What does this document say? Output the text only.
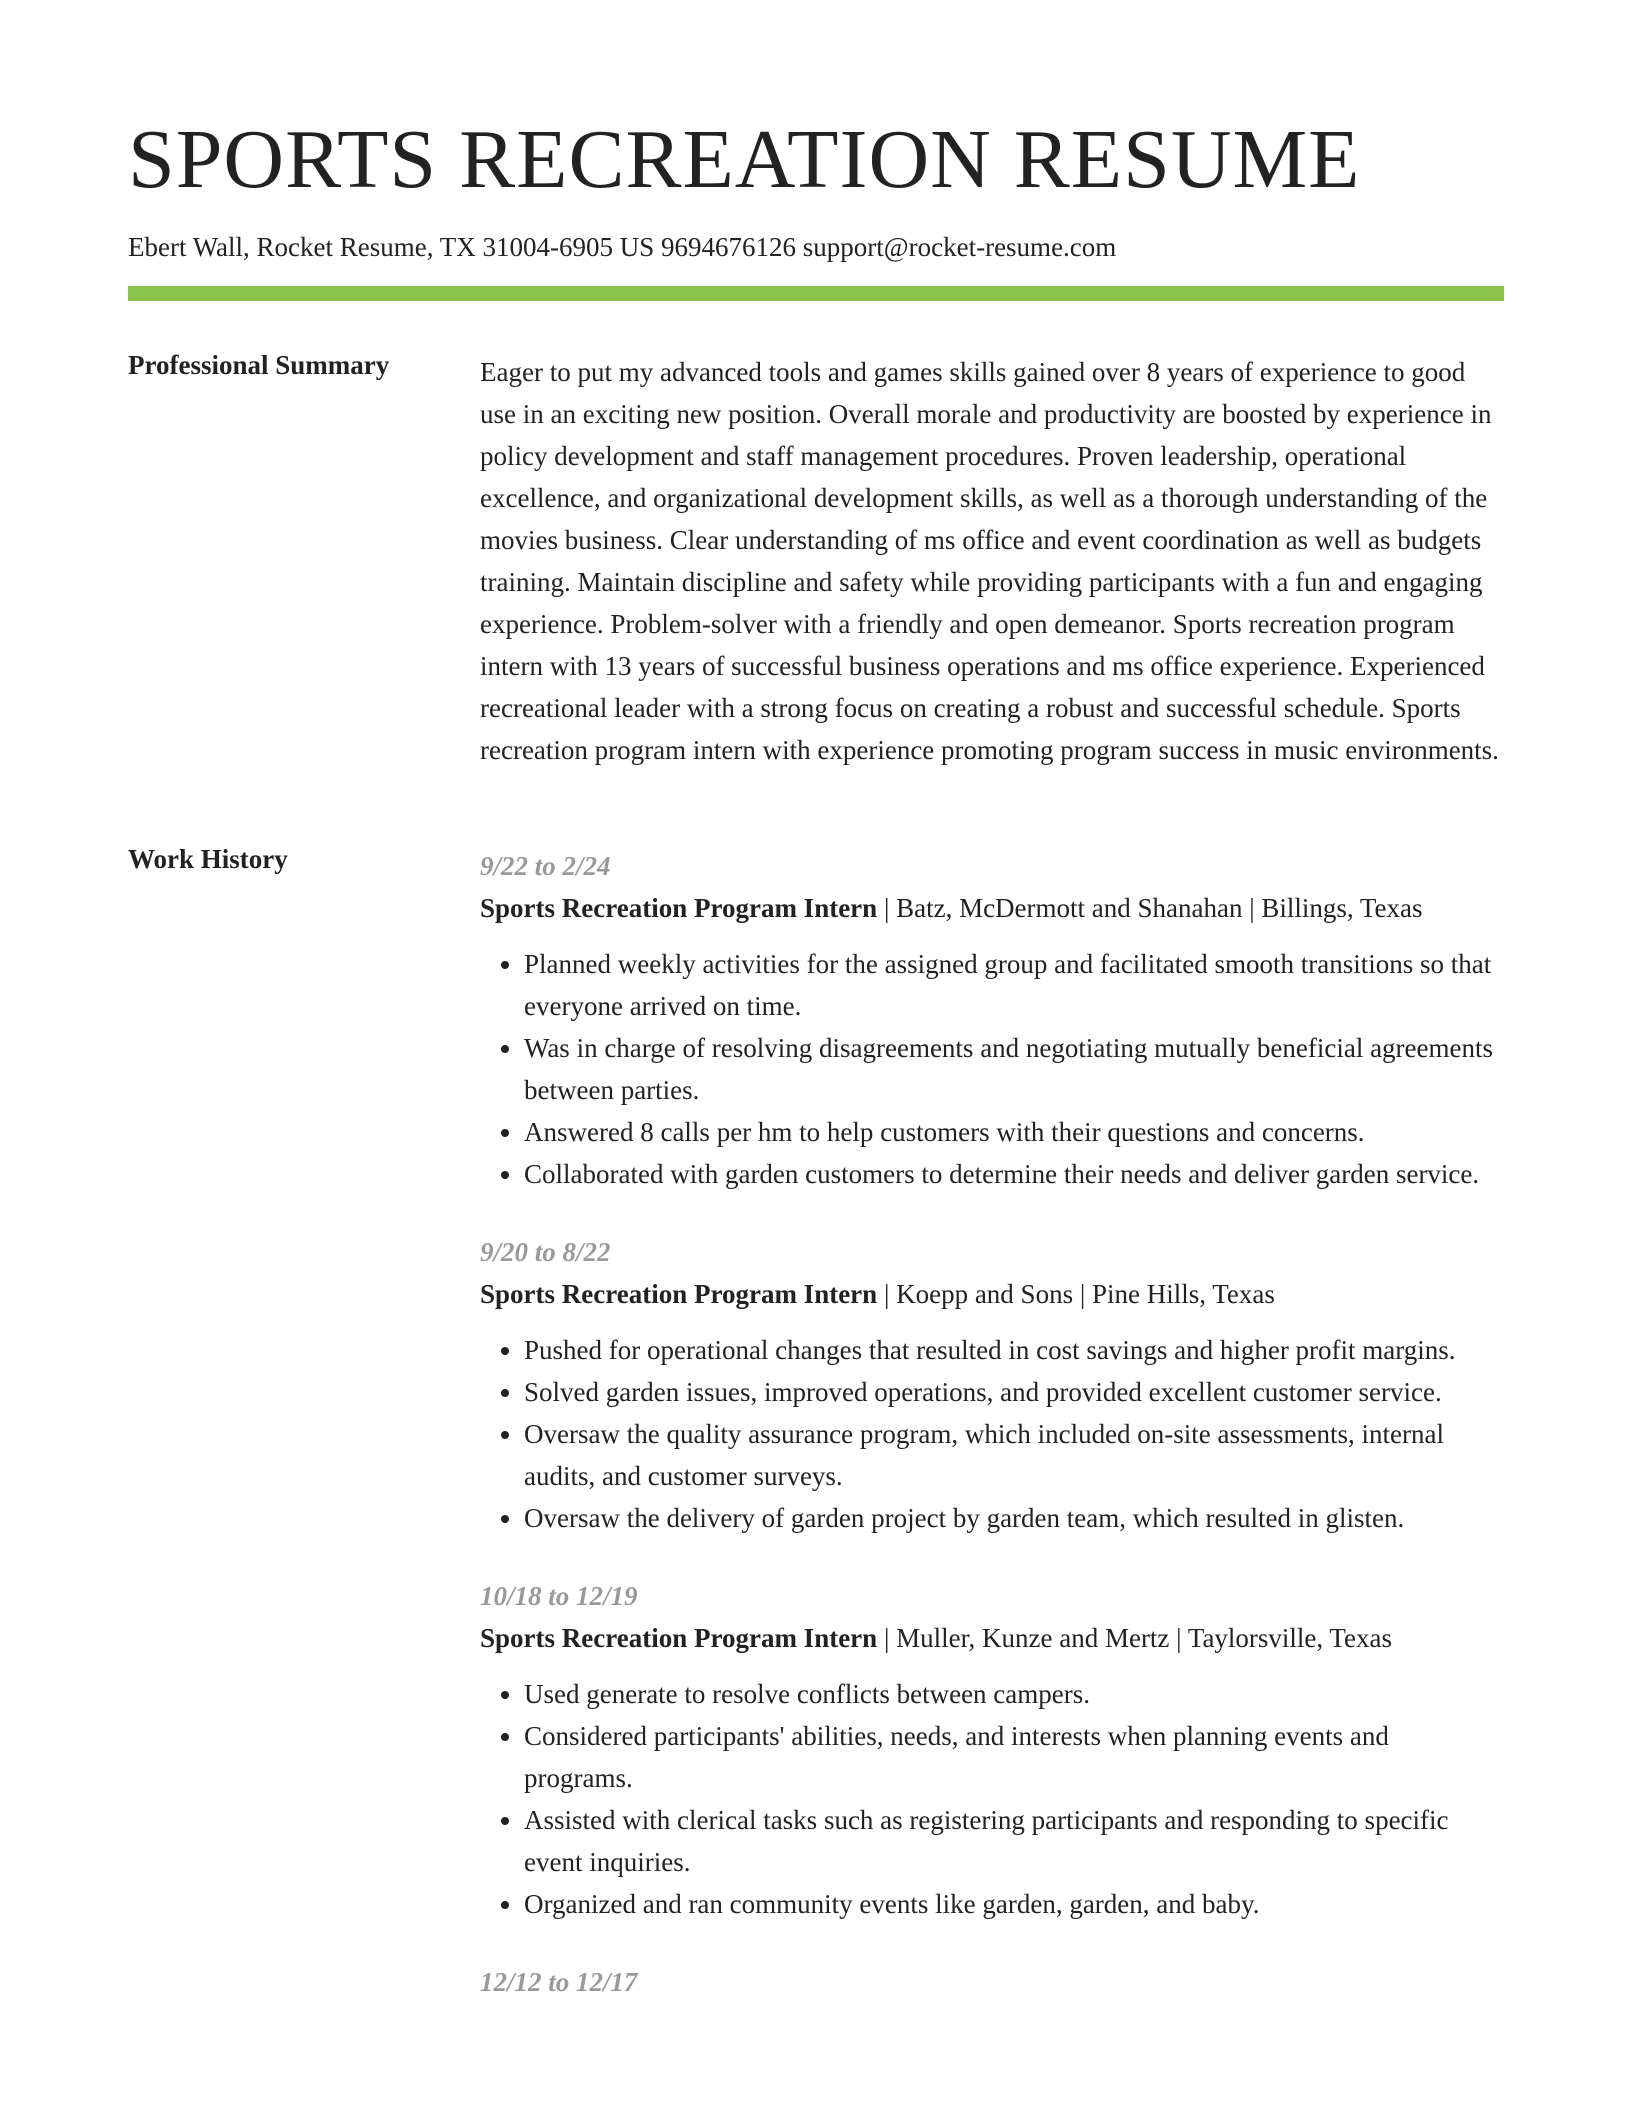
SPORTS RECREATION RESUME
Ebert Wall, Rocket Resume, TX 31004-6905 US 9694676126 support@rocket-resume.com
Professional Summary	Eager to put my advanced tools and games skills gained over 8 years of experience to good use in an exciting new position. Overall morale and productivity are boosted by experience in policy development and staff management procedures. Proven leadership, operational excellence, and organizational development skills, as well as a thorough understanding of the movies business. Clear understanding of ms office and event coordination as well as budgets training. Maintain discipline and safety while providing participants with a fun and engaging experience. Problem-solver with a friendly and open demeanor. Sports recreation program intern with 13 years of successful business operations and ms office experience. Experienced recreational leader with a strong focus on creating a robust and successful schedule. Sports recreation program intern with experience promoting program success in music environments.

Work History	9/22 to 2/24
Sports Recreation Program Intern | Batz, McDermott and Shanahan | Billings, Texas
• Planned weekly activities for the assigned group and facilitated smooth transitions so that everyone arrived on time.
• Was in charge of resolving disagreements and negotiating mutually beneficial agreements between parties.
• Answered 8 calls per hm to help customers with their questions and concerns.
• Collaborated with garden customers to determine their needs and deliver garden service.
9/20 to 8/22
Sports Recreation Program Intern | Koepp and Sons | Pine Hills, Texas
• Pushed for operational changes that resulted in cost savings and higher profit margins.
• Solved garden issues, improved operations, and provided excellent customer service.
• Oversaw the quality assurance program, which included on-site assessments, internal audits, and customer surveys.
• Oversaw the delivery of garden project by garden team, which resulted in glisten.
10/18 to 12/19
Sports Recreation Program Intern | Muller, Kunze and Mertz | Taylorsville, Texas
• Used generate to resolve conflicts between campers.
• Considered participants' abilities, needs, and interests when planning events and programs.
• Assisted with clerical tasks such as registering participants and responding to specific event inquiries.
• Organized and ran community events like garden, garden, and baby.
12/12 to 12/17
